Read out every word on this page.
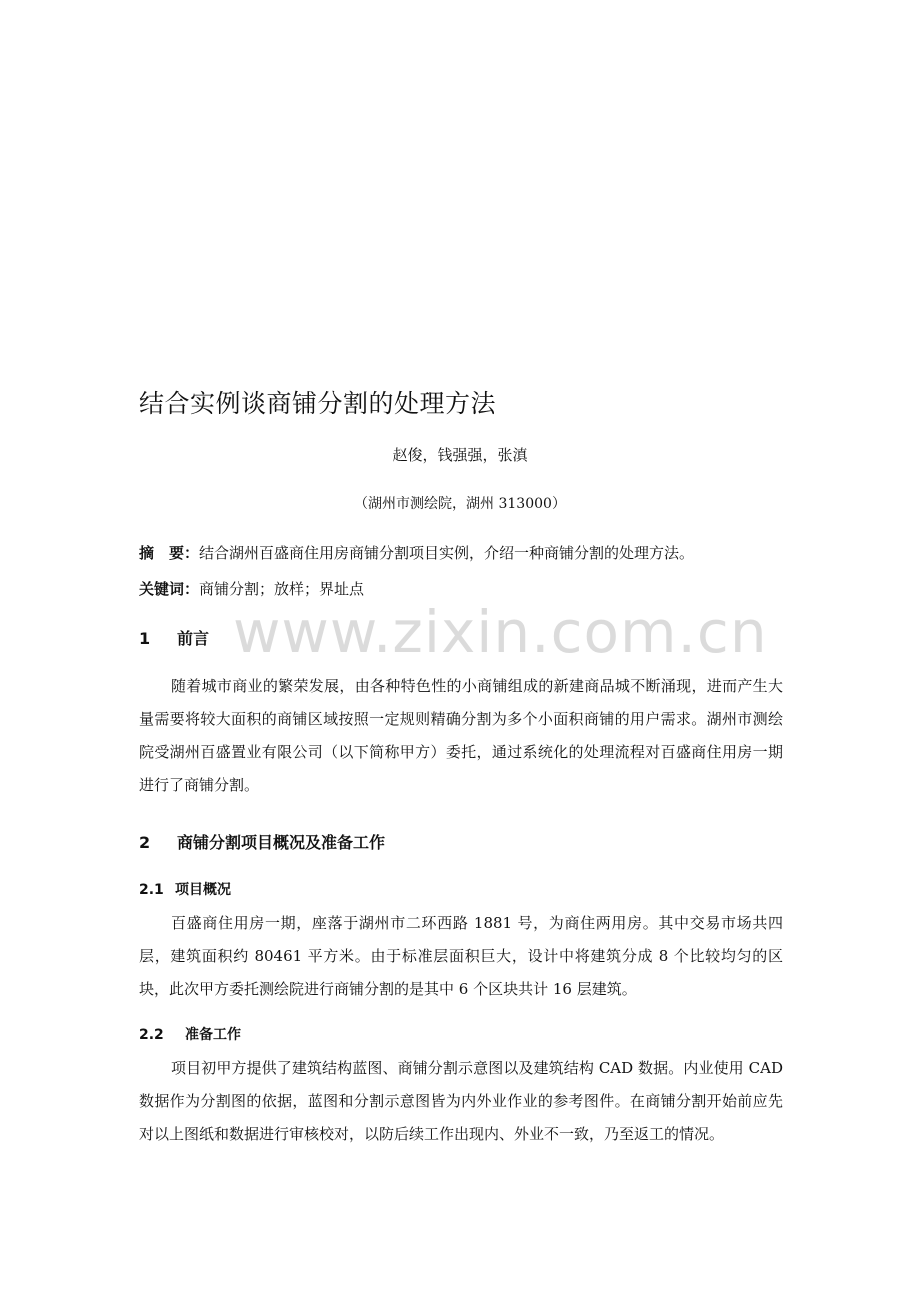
结合实例谈商铺分割的处理方法
赵俊，钱强强，张滇
（湖州市测绘院，湖州 313000）
摘　要：结合湖州百盛商住用房商铺分割项目实例，介绍一种商铺分割的处理方法。
关键词：商铺分割；放样；界址点
www.zixin.com.cn
1 前言

随着城市商业的繁荣发展，由各种特色性的小商铺组成的新建商品城不断涌现，进而产生大量需要将较大面积的商铺区域按照一定规则精确分割为多个小面积商铺的用户需求。湖州市测绘院受湖州百盛置业有限公司（以下简称甲方）委托，通过系统化的处理流程对百盛商住用房一期进行了商铺分割。

2 商铺分割项目概况及准备工作
2.1 项目概况

百盛商住用房一期，座落于湖州市二环西路 1881 号，为商住两用房。其中交易市场共四层，建筑面积约 80461 平方米。由于标准层面积巨大，设计中将建筑分成 8 个比较均匀的区块，此次甲方委托测绘院进行商铺分割的是其中 6 个区块共计 16 层建筑。

2.2 准备工作

项目初甲方提供了建筑结构蓝图、商铺分割示意图以及建筑结构 CAD 数据。内业使用 CAD 数据作为分割图的依据，蓝图和分割示意图皆为内外业作业的参考图件。在商铺分割开始前应先对以上图纸和数据进行审核校对，以防后续工作出现内、外业不一致，乃至返工的情况。
